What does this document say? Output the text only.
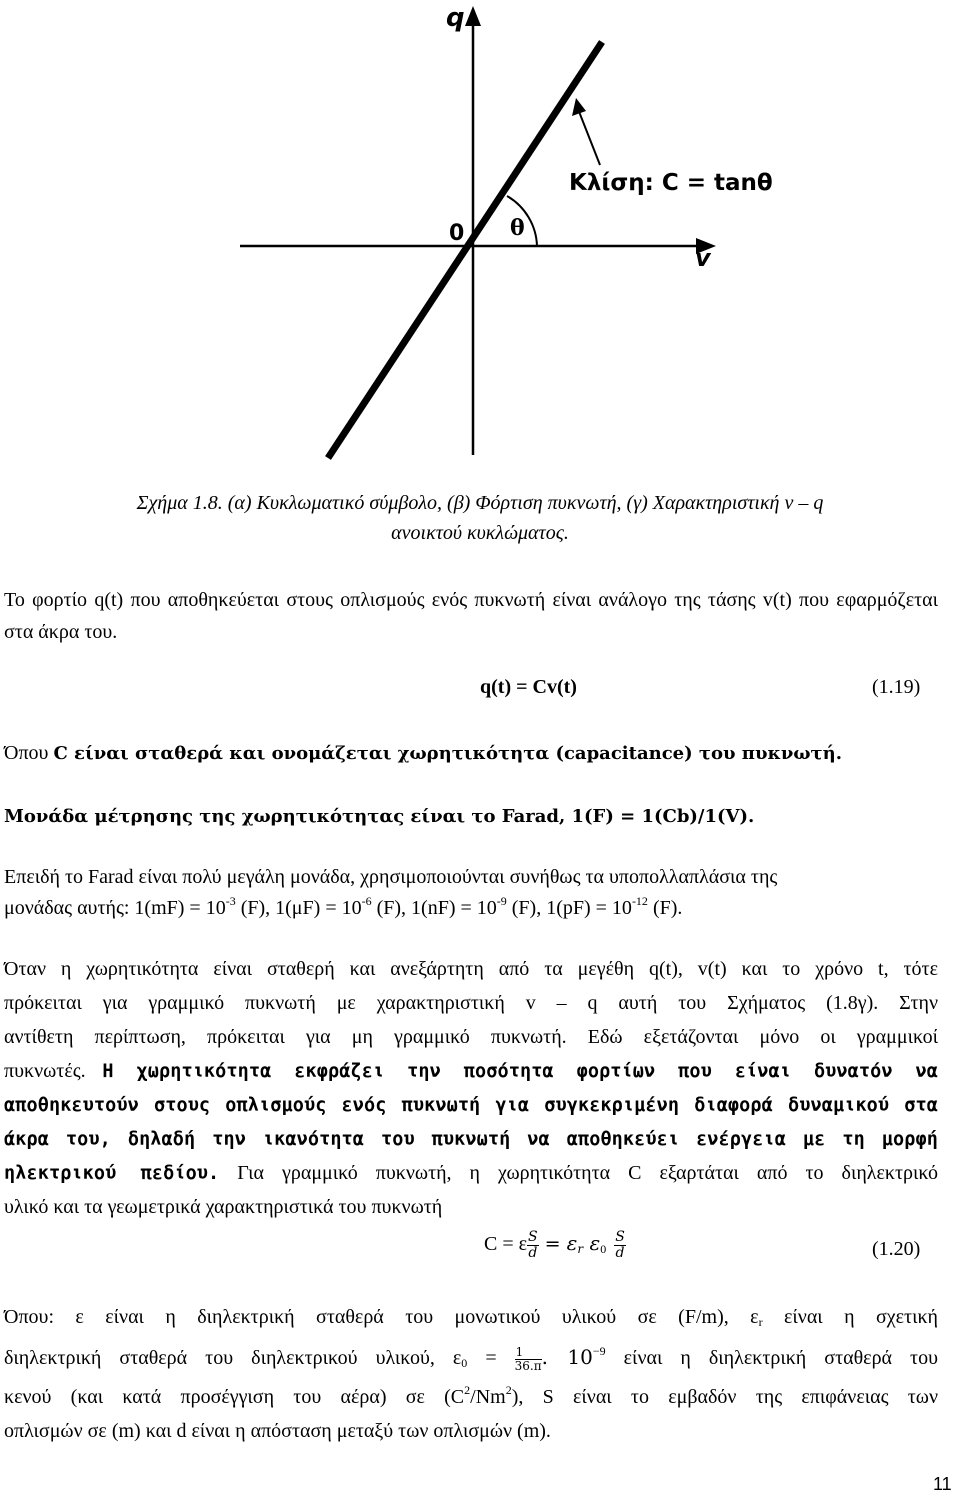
q
v
0 θ
Κλίση: C = tanθ
Σχήμα 1.8. (α) Κυκλωματικό σύμβολο, (β) Φόρτιση πυκνωτή, (γ) Χαρακτηριστική v – q
ανοικτού κυκλώματος.
Το φορτίο q(t) που αποθηκεύεται στους οπλισμούς ενός πυκνωτή είναι ανάλογο της τάσης v(t) που εφαρμόζεται στα άκρα του.
q(t) = Cv(t)	(1.19)
Όπου C είναι σταθερά και ονομάζεται χωρητικότητα (capacitance) του πυκνωτή.
Μονάδα μέτρησης της χωρητικότητας είναι το Farad, 1(F) = 1(Cb)/1(V).
Επειδή το Farad είναι πολύ μεγάλη μονάδα, χρησιμοποιούνται συνήθως τα υποπολλαπλάσια της
μονάδας αυτής: $1(mF) = 10^{-3}$ (F), $1(\mu F) = 10^{-6}$ (F), $1(nF) = 10^{-9}$ (F), $1(pF) = 10^{-12}$ (F).
Όταν η χωρητικότητα είναι σταθερή και ανεξάρτητη από τα μεγέθη q(t), v(t) και το χρόνο t, τότε
πρόκειται για γραμμικό πυκνωτή με χαρακτηριστική v – q αυτή του Σχήματος (1.8γ). Στην
αντίθετη περίπτωση, πρόκειται για μη γραμμικό πυκνωτή. Εδώ εξετάζονται μόνο οι γραμμικοί
πυκνωτές. Η χωρητικότητα εκφράζει την ποσότητα φορτίων που είναι δυνατόν να
αποθηκευτούν στους οπλισμούς ενός πυκνωτή για συγκεκριμένη διαφορά δυναμικού στα
άκρα του, δηλαδή την ικανότητα του πυκνωτή να αποθηκεύει ενέργεια με τη μορφή
ηλεκτρικού πεδίου. Για γραμμικό πυκνωτή, η χωρητικότητα C εξαρτάται από το διηλεκτρικό
υλικό και τα γεωμετρικά χαρακτηριστικά του πυκνωτή
C = ε $\frac{S}{d} = \varepsilon_r$ $\varepsilon_0 \frac{S}{d}$	(1.20)
Όπου: ε είναι η διηλεκτρική σταθερά του μονωτικού υλικού σε (F/m), $\varepsilon_r$ είναι η σχετική
διηλεκτρική σταθερά του διηλεκτρικού υλικού, $\varepsilon_0 = \frac{1}{36.\pi}$ . $10^{-9}$ είναι η διηλεκτρική σταθερά του
κενού (και κατά προσέγγιση του αέρα) σε $(C^2/Nm^2)$, S είναι το εμβαδόν της επιφάνειας των
οπλισμών σε (m) και d είναι η απόσταση μεταξύ των οπλισμών (m).
11
